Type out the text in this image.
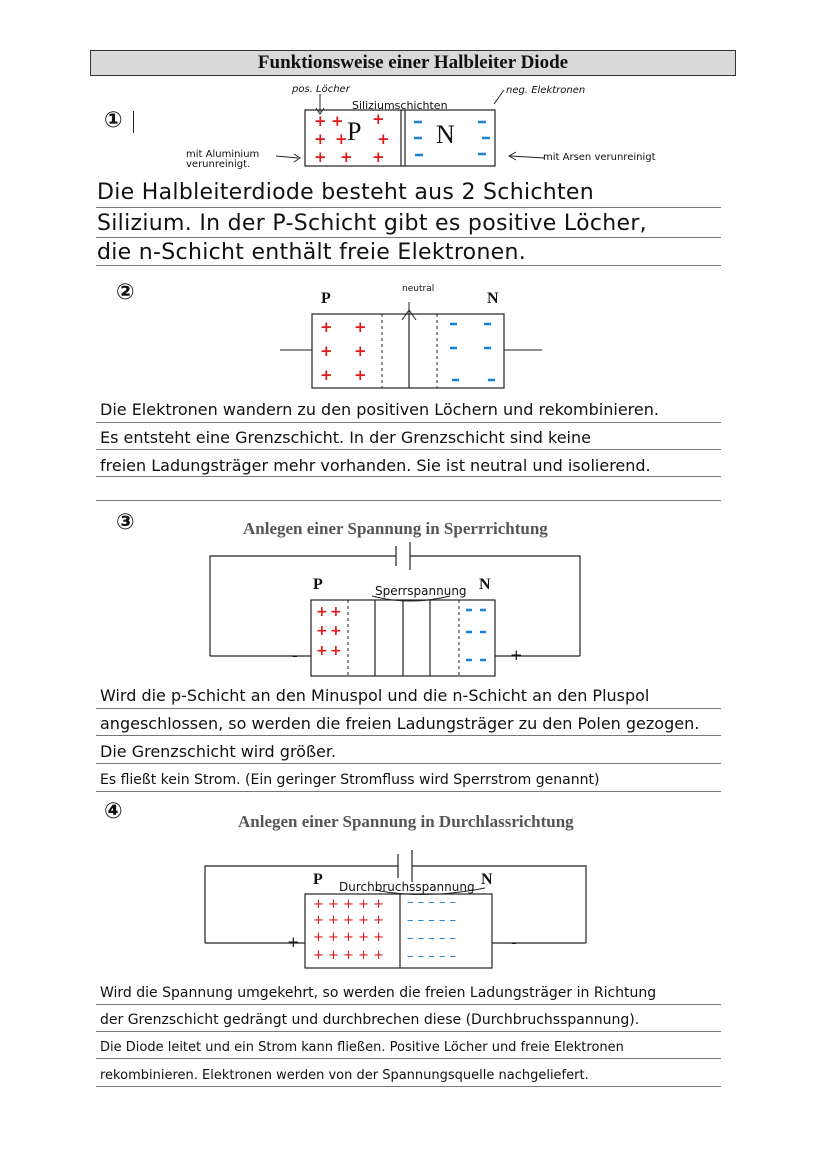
Funktionsweise einer Halbleiter Diode
①
pos. Löcher
Siliziumschichten
neg. Elektronen
mit Aluminium
verunreinigt.
mit Arsen verunreinigt
+ + +
+ + +
+ + +
P	N
Die Halbleiterdiode besteht aus 2 Schichten
Silizium. In der P-Schicht gibt es positive Löcher,
die n-Schicht enthält freie Elektronen.
②	P	N
neutral
+ +
+ +
+ +
Die Elektronen wandern zu den positiven Löchern und rekombinieren.
Es entsteht eine Grenzschicht. In der Grenzschicht sind keine
freien Ladungsträger mehr vorhanden. Sie ist neutral und isolierend.
③	Anlegen einer Spannung in Sperrrichtung
+ +
+ +
+ +
P	N
Sperrspannung
-	+
Wird die p-Schicht an den Minuspol und die n-Schicht an den Pluspol
angeschlossen, so werden die freien Ladungsträger zu den Polen gezogen.
Die Grenzschicht wird größer.
Es fließt kein Strom. (Ein geringer Stromfluss wird Sperrstrom genannt)
④	Anlegen einer Spannung in Durchlassrichtung
+ + + + +
+ + + + +
+ + + + +
+ + + + +
– – – – –
– – – – –
– – – – –
– – – – –
P	N
Durchbruchsspannung
+	-
Wird die Spannung umgekehrt, so werden die freien Ladungsträger in Richtung
der Grenzschicht gedrängt und durchbrechen diese (Durchbruchsspannung).
Die Diode leitet und ein Strom kann fließen. Positive Löcher und freie Elektronen
rekombinieren. Elektronen werden von der Spannungsquelle nachgeliefert.
